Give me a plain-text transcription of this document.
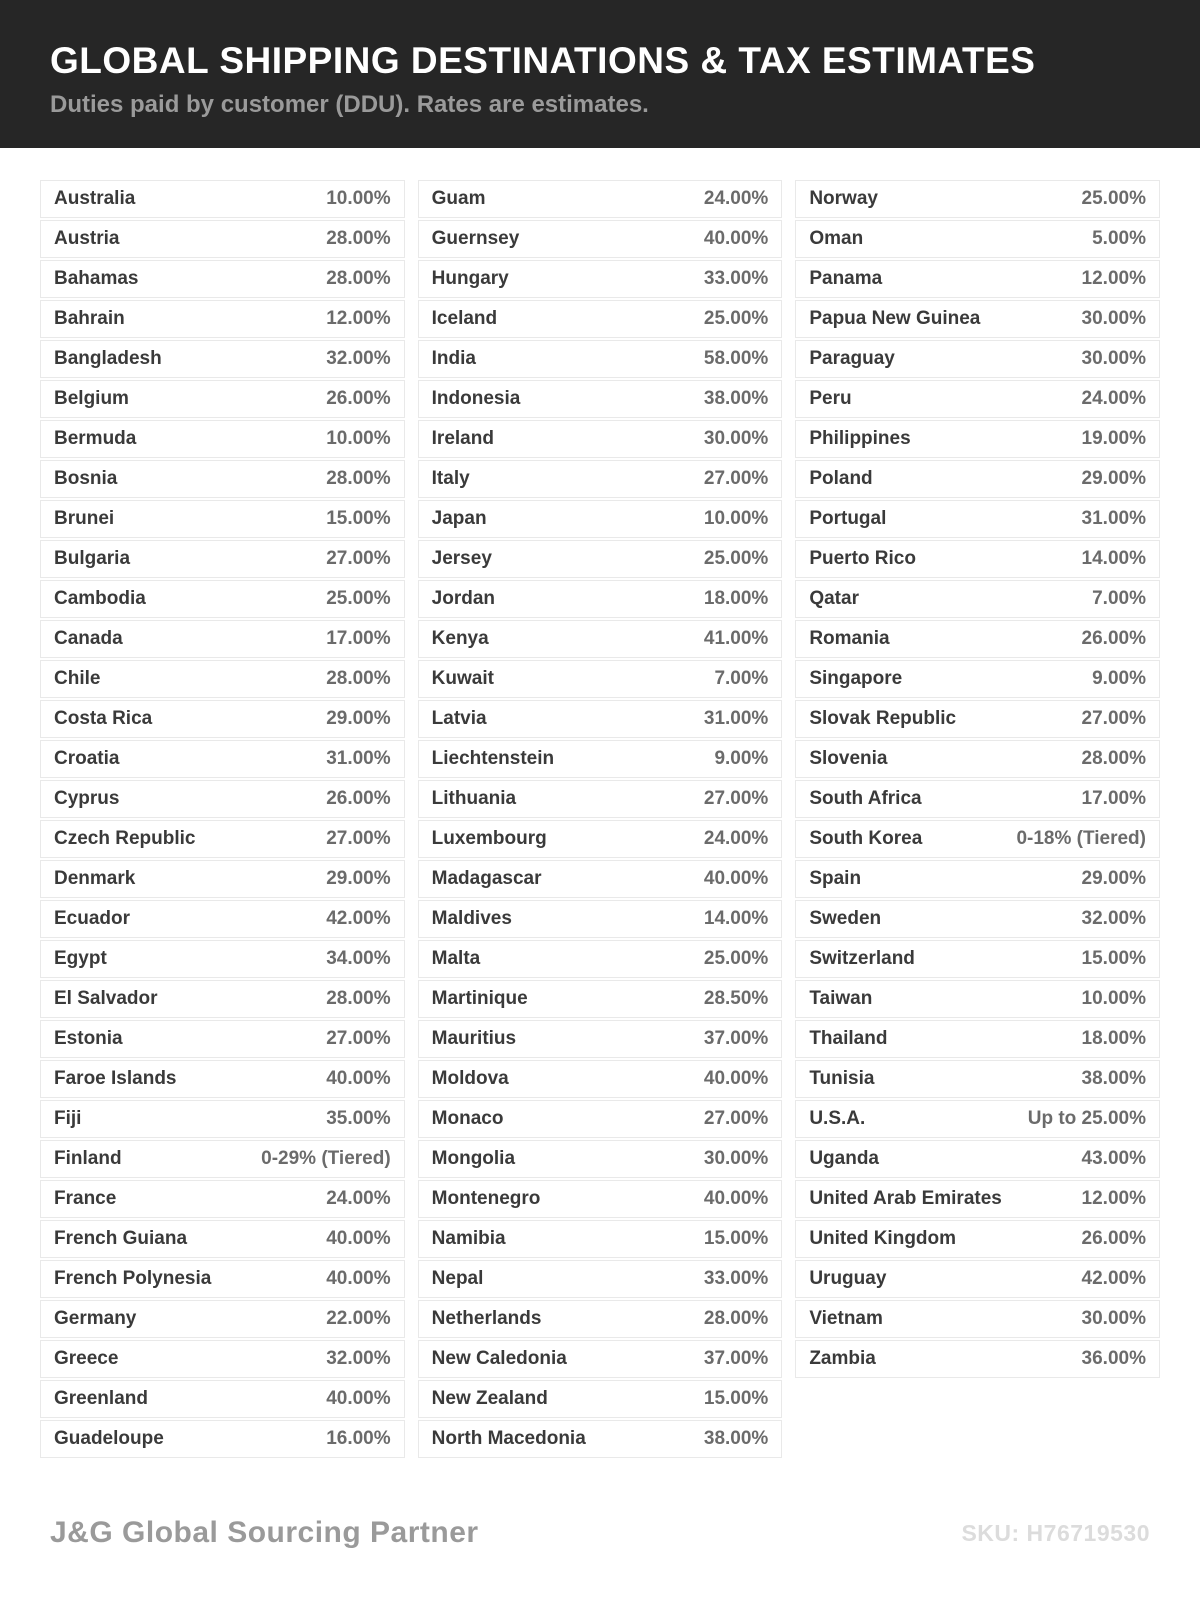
GLOBAL SHIPPING DESTINATIONS & TAX ESTIMATES

Duties paid by customer (DDU). Rates are estimates.

Australia	10.00%
Austria	28.00%
Bahamas	28.00%
Bahrain	12.00%
Bangladesh	32.00%
Belgium	26.00%
Bermuda	10.00%
Bosnia	28.00%
Brunei	15.00%
Bulgaria	27.00%
Cambodia	25.00%
Canada	17.00%
Chile	28.00%
Costa Rica	29.00%
Croatia	31.00%
Cyprus	26.00%
Czech Republic	27.00%
Denmark	29.00%
Ecuador	42.00%
Egypt	34.00%
El Salvador	28.00%
Estonia	27.00%
Faroe Islands	40.00%
Fiji	35.00%
Finland	0-29% (Tiered)
France	24.00%
French Guiana	40.00%
French Polynesia	40.00%
Germany	22.00%
Greece	32.00%
Greenland	40.00%
Guadeloupe	16.00%
Guam	24.00%
Guernsey	40.00%
Hungary	33.00%
Iceland	25.00%
India	58.00%
Indonesia	38.00%
Ireland	30.00%
Italy	27.00%
Japan	10.00%
Jersey	25.00%
Jordan	18.00%
Kenya	41.00%
Kuwait	7.00%
Latvia	31.00%
Liechtenstein	9.00%
Lithuania	27.00%
Luxembourg	24.00%
Madagascar	40.00%
Maldives	14.00%
Malta	25.00%
Martinique	28.50%
Mauritius	37.00%
Moldova	40.00%
Monaco	27.00%
Mongolia	30.00%
Montenegro	40.00%
Namibia	15.00%
Nepal	33.00%
Netherlands	28.00%
New Caledonia	37.00%
New Zealand	15.00%
North Macedonia	38.00%
Norway	25.00%
Oman	5.00%
Panama	12.00%
Papua New Guinea	30.00%
Paraguay	30.00%
Peru	24.00%
Philippines	19.00%
Poland	29.00%
Portugal	31.00%
Puerto Rico	14.00%
Qatar	7.00%
Romania	26.00%
Singapore	9.00%
Slovak Republic	27.00%
Slovenia	28.00%
South Africa	17.00%
South Korea	0-18% (Tiered)
Spain	29.00%
Sweden	32.00%
Switzerland	15.00%
Taiwan	10.00%
Thailand	18.00%
Tunisia	38.00%
U.S.A.	Up to 25.00%
Uganda	43.00%
United Arab Emirates	12.00%
United Kingdom	26.00%
Uruguay	42.00%
Vietnam	30.00%
Zambia	36.00%
J&G Global Sourcing Partner	SKU: H76719530
